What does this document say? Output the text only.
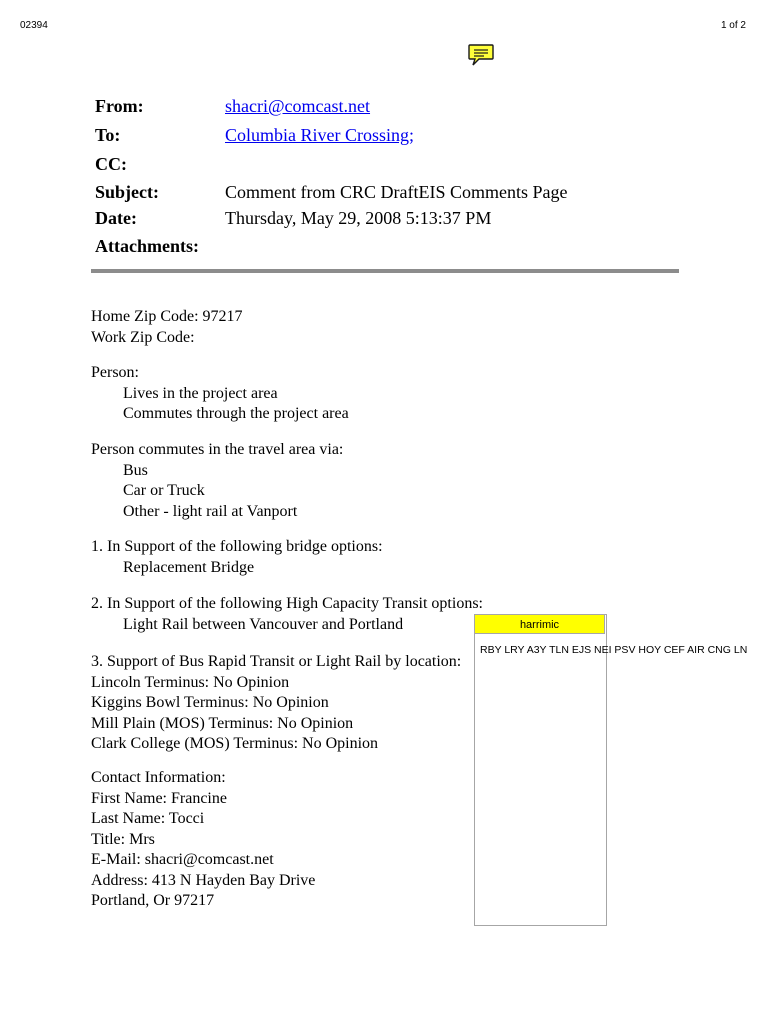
02394	1 of 2
From:	shacri@comcast.net
To:	Columbia River Crossing;
CC:
Subject:	Comment from CRC DraftEIS Comments Page
Date:	Thursday, May 29, 2008 5:13:37 PM
Attachments:
Home Zip Code: 97217
Work Zip Code:
Person:
Lives in the project area
Commutes through the project area
Person commutes in the travel area via:
Bus
Car or Truck
Other - light rail at Vanport
1. In Support of the following bridge options:
Replacement Bridge
2. In Support of the following High Capacity Transit options:
Light Rail between Vancouver and Portland
3. Support of Bus Rapid Transit or Light Rail by location:
Lincoln Terminus: No Opinion
Kiggins Bowl Terminus: No Opinion
Mill Plain (MOS) Terminus: No Opinion
Clark College (MOS) Terminus: No Opinion
Contact Information:
First Name: Francine
Last Name: Tocci
Title: Mrs
E-Mail: shacri@comcast.net
Address: 413 N Hayden Bay Drive
Portland, Or 97217
harrimic
RBY LRY A3Y TLN EJS NEI PSV HOY CEF AIR CNG LN
